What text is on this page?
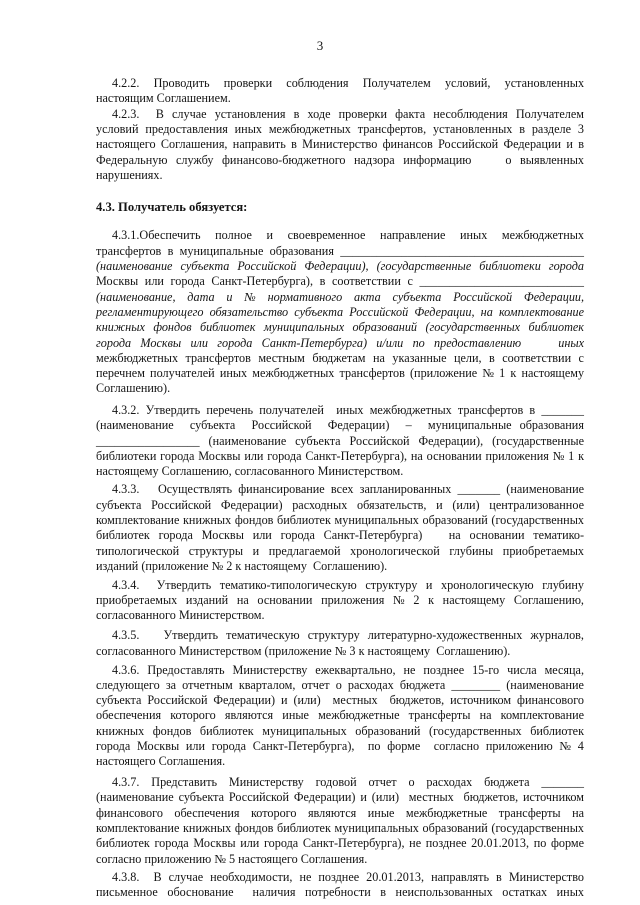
3
4.3. Получатель обязуется:
4.2.2.  Проводить  проверки  соблюдения  Получателем  условий,  установленных
настоящим Соглашением.
4.2.3.  В случае установления в ходе проверки факта несоблюдения Получателем
условий предоставления иных межбюджетных трансфертов, установленных в разделе 3
настоящего Соглашения, направить в Министерство финансов Российской Федерации и в
Федеральную службу финансово-бюджетного надзора информацию    о выявленных
нарушениях.
4.3.1.Обеспечить  полное  и  своевременное  направление  иных  межбюджетных
трансфертов в муниципальные образования ________________________________________
(наименование субъекта Российской Федерации), (государственные библиотеки города
Москвы или города Санкт-Петербурга), в соответствии с ___________________________
(наименование,  дата  и  №  нормативного  акта  субъекта  Российской  Федерации,
регламентирующего обязательство субъекта Российской Федерации, на комплектование
книжных фондов библиотек муниципальных образований (государственных библиотек
города  Москвы  или  города  Санкт-Петербурга)  и/или  по  предоставлению        иных
межбюджетных трансфертов местным бюджетам на указанные цели, в соответствии с
перечнем получателей иных межбюджетных трансфертов (приложение № 1 к настоящему
Соглашению).
4.3.2. Утвердить перечень получателей  иных межбюджетных трансфертов в _______
(наименование    субъекта    Российской    Федерации)    –    муниципальные  образования
_________________ (наименование субъекта Российской Федерации), (государственные
библиотеки города Москвы или города Санкт-Петербурга), на основании приложения № 1 к
настоящему Соглашению, согласованного Министерством.
4.3.3.   Осуществлять финансирование всех запланированных _______ (наименование
субъекта Российской Федерации) расходных обязательств, и (или) централизованное
комплектование книжных фондов библиотек муниципальных образований (государственных
библиотек  города  Москвы  или  города  Санкт-Петербурга)      на  основании  тематико-
типологической структуры и предлагаемой хронологической глубины приобретаемых
изданий (приложение № 2 к настоящему  Соглашению).
4.3.4.  Утвердить тематико-типологическую структуру и хронологическую глубину
приобретаемых изданий на основании приложения № 2 к настоящему Соглашению,
согласованного Министерством.
4.3.5.   Утвердить тематическую структуру литературно-художественных журналов,
согласованного Министерством (приложение № 3 к настоящему  Соглашению).
4.3.6. Предоставлять Министерству ежеквартально, не позднее 15-го числа месяца,
следующего за отчетным кварталом, отчет о расходах бюджета ________ (наименование
субъекта Российской Федерации) и (или)  местных  бюджетов, источником финансового
обеспечения которого являются иные межбюджетные трансферты на комплектование
книжных фондов библиотек муниципальных образований (государственных библиотек
города  Москвы  или  города  Санкт-Петербурга),    по  форме    согласно  приложению  №  4
настоящего Соглашения.
4.3.7.  Представить  Министерству  годовой  отчет  о  расходах  бюджета  _______
(наименование субъекта Российской Федерации) и (или)  местных  бюджетов, источником
финансового  обеспечения  которого  являются  иные  межбюджетные  трансферты  на
комплектование книжных фондов библиотек муниципальных образований (государственных
библиотек города Москвы или города Санкт-Петербурга), не позднее 20.01.2013, по форме
согласно приложению № 5 настоящего Соглашения.
4.3.8.  В случае необходимости, не позднее 20.01.2013, направлять в Министерство
письменное  обоснование    наличия  потребности  в  неиспользованных  остатках  иных
